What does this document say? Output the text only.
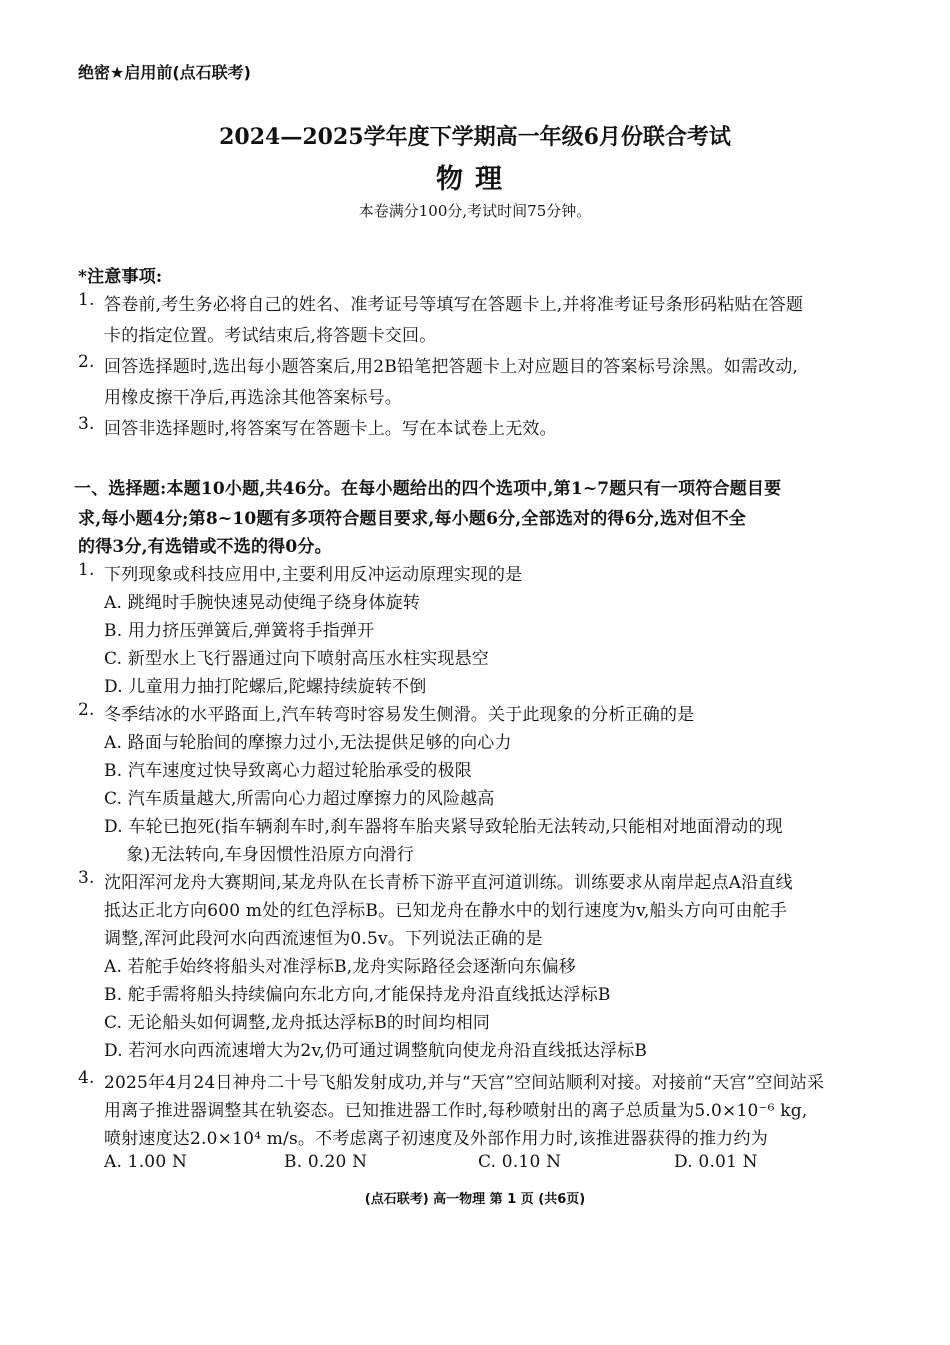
绝密★启用前(点石联考)
2024—2025学年度下学期高一年级6月份联合考试
物理
本卷满分100分,考试时间75分钟。
*注意事项:
1. 答卷前,考生务必将自己的姓名、准考证号等填写在答题卡上,并将准考证号条形码粘贴在答题
卡的指定位置。考试结束后,将答题卡交回。
2. 回答选择题时,选出每小题答案后,用2B铅笔把答题卡上对应题目的答案标号涂黑。如需改动,
用橡皮擦干净后,再选涂其他答案标号。
3. 回答非选择题时,将答案写在答题卡上。写在本试卷上无效。
一、选择题:本题10小题,共46分。在每小题给出的四个选项中,第1~7题只有一项符合题目要
求,每小题4分;第8~10题有多项符合题目要求,每小题6分,全部选对的得6分,选对但不全
的得3分,有选错或不选的得0分。
1. 下列现象或科技应用中,主要利用反冲运动原理实现的是
A. 跳绳时手腕快速晃动使绳子绕身体旋转
B. 用力挤压弹簧后,弹簧将手指弹开
C. 新型水上飞行器通过向下喷射高压水柱实现悬空
D. 儿童用力抽打陀螺后,陀螺持续旋转不倒
2. 冬季结冰的水平路面上,汽车转弯时容易发生侧滑。关于此现象的分析正确的是
A. 路面与轮胎间的摩擦力过小,无法提供足够的向心力
B. 汽车速度过快导致离心力超过轮胎承受的极限
C. 汽车质量越大,所需向心力超过摩擦力的风险越高
D. 车轮已抱死(指车辆刹车时,刹车器将车胎夹紧导致轮胎无法转动,只能相对地面滑动的现
象)无法转向,车身因惯性沿原方向滑行
3. 沈阳浑河龙舟大赛期间,某龙舟队在长青桥下游平直河道训练。训练要求从南岸起点A沿直线
抵达正北方向600 m处的红色浮标B。已知龙舟在静水中的划行速度为v,船头方向可由舵手
调整,浑河此段河水向西流速恒为0.5v。下列说法正确的是
A. 若舵手始终将船头对准浮标B,龙舟实际路径会逐渐向东偏移
B. 舵手需将船头持续偏向东北方向,才能保持龙舟沿直线抵达浮标B
C. 无论船头如何调整,龙舟抵达浮标B的时间均相同
D. 若河水向西流速增大为2v,仍可通过调整航向使龙舟沿直线抵达浮标B
4. 2025年4月24日神舟二十号飞船发射成功,并与“天宫”空间站顺利对接。对接前“天宫”空间站采
用离子推进器调整其在轨姿态。已知推进器工作时,每秒喷射出的离子总质量为5.0×10⁻⁶ kg,
喷射速度达2.0×10⁴ m/s。不考虑离子初速度及外部作用力时,该推进器获得的推力约为
A. 1.00 N	B. 0.20 N	C. 0.10 N	D. 0.01 N
(点石联考) 高一物理 第 1 页 (共6页)
